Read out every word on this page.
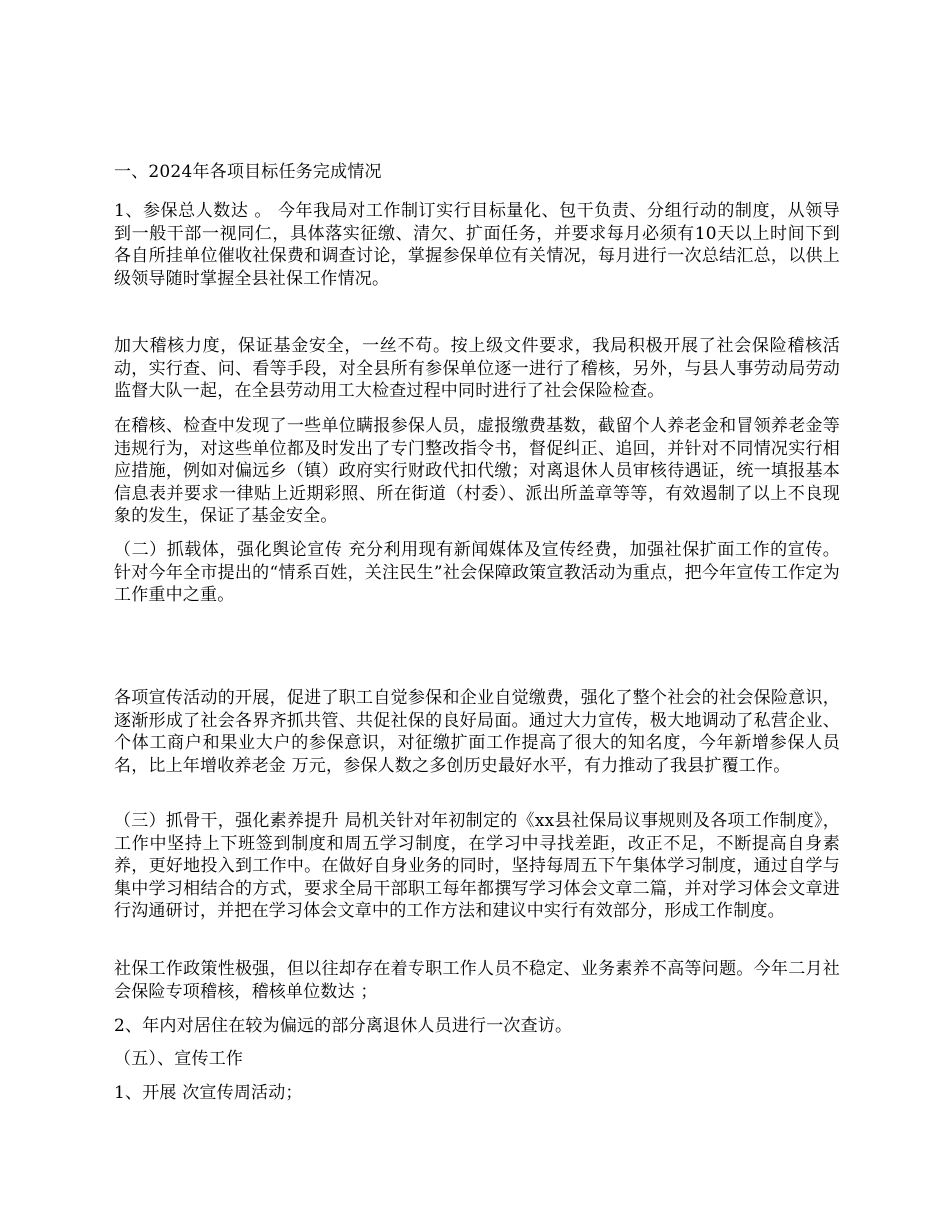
一、2024年各项目标任务完成情况

1、参保总人数达 。 今年我局对工作制订实行目标量化、包干负责、分组行动的制度，从领导到一般干部一视同仁，具体落实征缴、清欠、扩面任务，并要求每月必须有10天以上时间下到各自所挂单位催收社保费和调查讨论，掌握参保单位有关情况，每月进行一次总结汇总，以供上级领导随时掌握全县社保工作情况。

加大稽核力度，保证基金安全，一丝不苟。按上级文件要求，我局积极开展了社会保险稽核活动，实行查、问、看等手段，对全县所有参保单位逐一进行了稽核，另外，与县人事劳动局劳动监督大队一起，在全县劳动用工大检查过程中同时进行了社会保险检查。

在稽核、检查中发现了一些单位瞒报参保人员，虚报缴费基数，截留个人养老金和冒领养老金等违规行为，对这些单位都及时发出了专门整改指令书，督促纠正、追回，并针对不同情况实行相应措施，例如对偏远乡（镇）政府实行财政代扣代缴；对离退休人员审核待遇证，统一填报基本信息表并要求一律贴上近期彩照、所在街道（村委）、派出所盖章等等，有效遏制了以上不良现象的发生，保证了基金安全。

（二）抓载体，强化舆论宣传 充分利用现有新闻媒体及宣传经费，加强社保扩面工作的宣传。针对今年全市提出的“情系百姓，关注民生”社会保障政策宣教活动为重点，把今年宣传工作定为工作重中之重。

各项宣传活动的开展，促进了职工自觉参保和企业自觉缴费，强化了整个社会的社会保险意识，逐渐形成了社会各界齐抓共管、共促社保的良好局面。通过大力宣传，极大地调动了私营企业、个体工商户和果业大户的参保意识，对征缴扩面工作提高了很大的知名度，今年新增参保人员 名，比上年增收养老金 万元，参保人数之多创历史最好水平，有力推动了我县扩覆工作。

（三）抓骨干，强化素养提升 局机关针对年初制定的《xx县社保局议事规则及各项工作制度》，工作中坚持上下班签到制度和周五学习制度，在学习中寻找差距，改正不足，不断提高自身素养，更好地投入到工作中。在做好自身业务的同时，坚持每周五下午集体学习制度，通过自学与集中学习相结合的方式，要求全局干部职工每年都撰写学习体会文章二篇，并对学习体会文章进行沟通研讨，并把在学习体会文章中的工作方法和建议中实行有效部分，形成工作制度。

社保工作政策性极强，但以往却存在着专职工作人员不稳定、业务素养不高等问题。今年二月社会保险专项稽核，稽核单位数达 ；

2、年内对居住在较为偏远的部分离退休人员进行一次查访。

（五）、宣传工作

1、开展 次宣传周活动；
